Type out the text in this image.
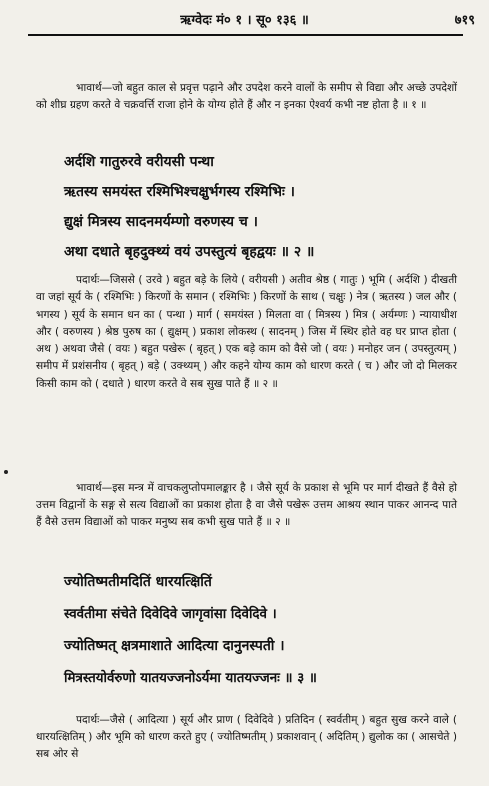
ऋग्वेदः मं० १ । सू० १३६ ॥	७१९
भावार्थ—जो बहुत काल से प्रवृत्त पढ़ाने और उपदेश करने वालों के समीप से विद्या और अच्छे उपदेशों को शीघ्र ग्रहण करते वे चक्रवर्त्ति राजा होने के योग्य होते हैं और न इनका ऐश्वर्य कभी नष्ट होता है ॥ १ ॥
अर्दशि गातुरुरवे वरीयसी पन्था
ऋतस्य समयंस्त रश्मिभिश्चक्षुर्भगस्य रश्मिभिः ।
द्युक्षं मित्रस्य सादनमर्यम्णो वरुणस्य च ।
अथा दधाते बृहदुक्थ्यं वयं उपस्तुत्यं बृहद्वयः ॥ २ ॥
पदार्थः—जिससे ( उरवे ) बहुत बड़े के लिये ( वरीयसी ) अतीव श्रेष्ठ ( गातुः ) भूमि ( अर्दशि ) दीखती वा जहां सूर्य के ( रश्मिभिः ) किरणों के समान ( रश्मिभिः ) किरणों के साथ ( चक्षुः ) नेत्र ( ऋतस्य ) जल और ( भगस्य ) सूर्य के समान धन का ( पन्था ) मार्ग ( समयंस्त ) मिलता वा ( मित्रस्य ) मित्र ( अर्यम्णः ) न्यायाधीश और ( वरुणस्य ) श्रेष्ठ पुरुष का ( द्युक्षम् ) प्रकाश लोकस्थ ( सादनम् ) जिस में स्थिर होते वह घर प्राप्त होता ( अथ ) अथवा जैसे ( वयः ) बहुत पखेरू ( बृहत् ) एक बड़े काम को वैसे जो ( वयः ) मनोहर जन ( उपस्तुत्यम् ) समीप में प्रशंसनीय ( बृहत् ) बड़े ( उक्थ्यम् ) और कहने योग्य काम को धारण करते ( च ) और जो दो मिलकर किसी काम को ( दधाते ) धारण करते वे सब सुख पाते हैं ॥ २ ॥
भावार्थ—इस मन्त्र में वाचकलुप्तोपमालङ्कार है । जैसे सूर्य के प्रकाश से भूमि पर मार्ग दीखते हैं वैसे हो उत्तम विद्वानों के सङ्ग से सत्य विद्याओं का प्रकाश होता है वा जैसे पखेरू उत्तम आश्रय स्थान पाकर आनन्द पाते हैं वैसे उत्तम विद्याओं को पाकर मनुष्य सब कभी सुख पाते हैं ॥ २ ॥
ज्योतिष्मतीमदितिं धारयत्क्षितिं
स्वर्वतीमा संचेते दिवेदिवे जागृवांसा दिवेदिवे ।
ज्योतिष्मत् क्षत्रमाशाते आदित्या दानुनस्पती ।
मित्रस्तयोर्वरुणो यातयज्जनोऽर्यमा यातयज्जनः ॥ ३ ॥
पदार्थः—जैसे ( आदित्या ) सूर्य और प्राण ( दिवेदिवे ) प्रतिदिन ( स्वर्वतीम् ) बहुत सुख करने वाले ( धारयत्क्षितिम् ) और भूमि को धारण करते हुए ( ज्योतिष्मतीम् ) प्रकाशवान् ( अदितिम् ) द्युलोक का ( आसचेते ) सब ओर से
